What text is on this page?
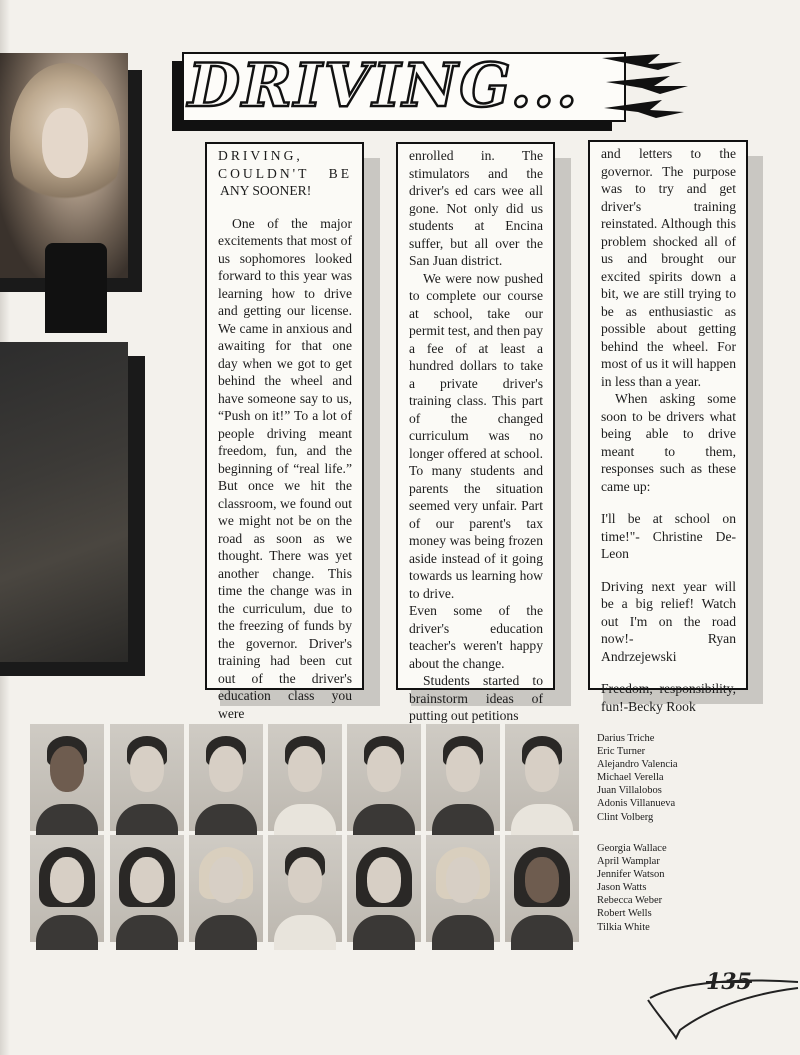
DRIVING...

DRIVING,

COULDN'T BE

ANY SOONER!

One of the major excitements that most of us sophomores looked forward to this year was learning how to drive and getting our license. We came in anxious and awaiting for that one day when we got to get behind the wheel and have someone say to us, “Push on it!” To a lot of people driving meant freedom, fun, and the beginning of “real life.” But once we hit the classroom, we found out we might not be on the road as soon as we thought. There was yet another change. This time the change was in the curriculum, due to the freezing of funds by the governor. Driver's training had been cut out of the driver's education class you were

enrolled in. The stimulators and the driver's ed cars wee all gone. Not only did us students at Encina suffer, but all over the San Juan district.

We were now pushed to complete our course at school, take our permit test, and then pay a fee of at least a hundred dollars to take a private driver's training class. This part of the changed curriculum was no longer offered at school. To many students and parents the situation seemed very unfair. Part of our parent's tax money was being frozen aside instead of it going towards us learning how to drive.

Even some of the driver's education teacher's weren't happy about the change.

Students started to brainstorm ideas of putting out petitions

and letters to the governor. The purpose was to try and get driver's training reinstated. Although this problem shocked all of us and brought our excited spirits down a bit, we are still trying to be as enthusiastic as possible about getting behind the wheel. For most of us it will happen in less than a year.

When asking some soon to be drivers what being able to drive meant to them, responses such as these came up:

I'll be at school on time!"- Christine De-Leon

Driving next year will be a big relief! Watch out I'm on the road now!- Ryan Andrzejewski

Freedom, responsibility, fun!-Becky Rook

Darius Triche
Eric Turner
Alejandro Valencia
Michael Verella
Juan Villalobos
Adonis Villanueva
Clint Volberg
Georgia Wallace
April Wamplar
Jennifer Watson
Jason Watts
Rebecca Weber
Robert Wells
Tilkia White
135
